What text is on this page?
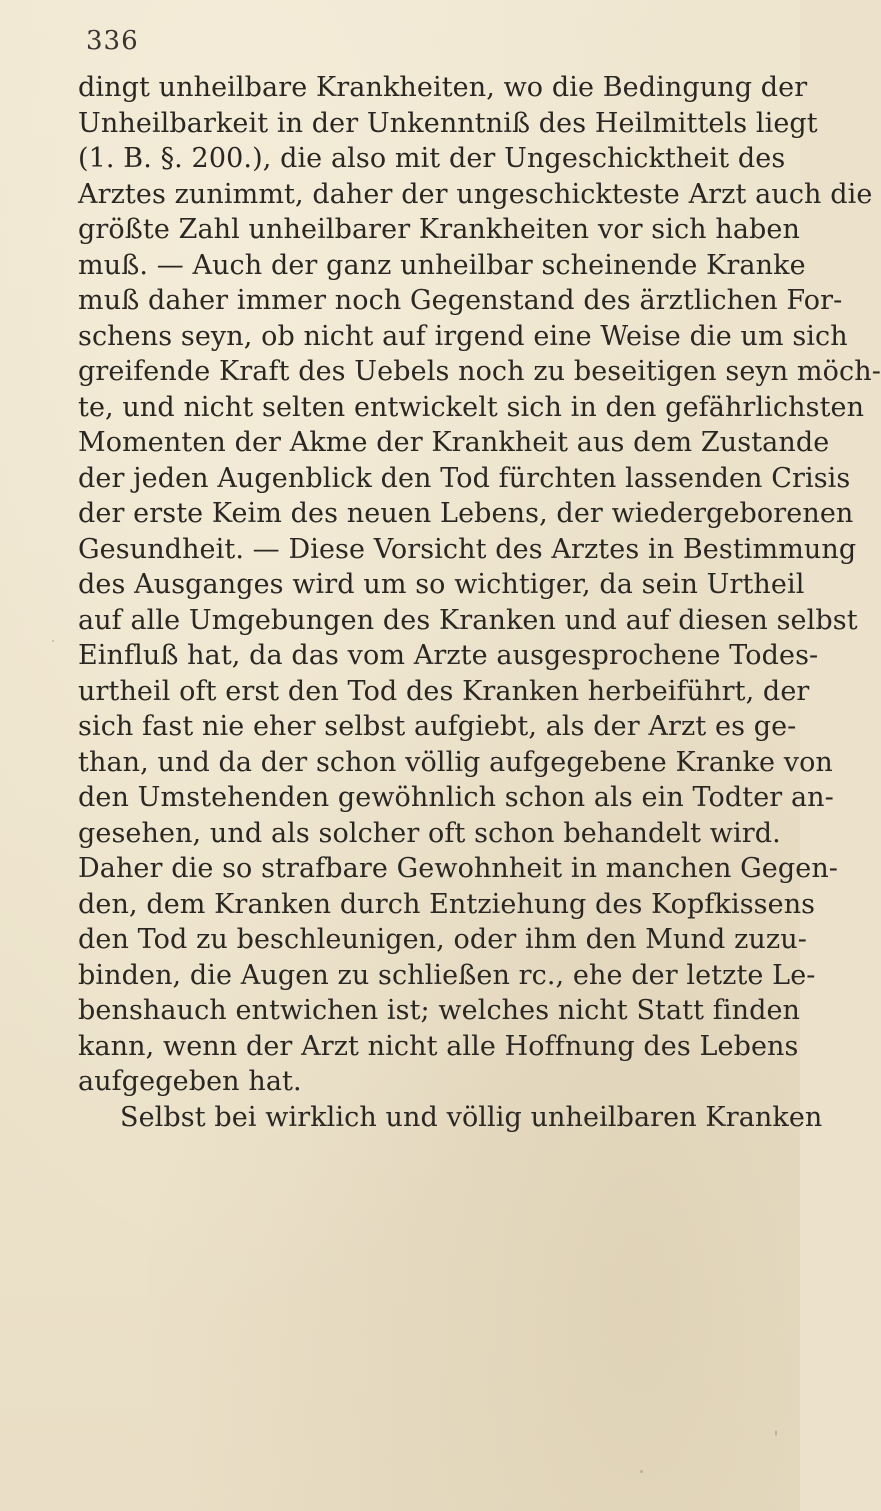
336
dingt unheilbare Krankheiten, wo die Bedingung der
Unheilbarkeit in der Unkenntniß des Heilmittels liegt
(1. B. §. 200.), die also mit der Ungeschicktheit des
Arztes zunimmt, daher der ungeschickteste Arzt auch die
größte Zahl unheilbarer Krankheiten vor sich haben
muß. — Auch der ganz unheilbar scheinende Kranke
muß daher immer noch Gegenstand des ärztlichen For-
schens seyn, ob nicht auf irgend eine Weise die um sich
greifende Kraft des Uebels noch zu beseitigen seyn möch-
te, und nicht selten entwickelt sich in den gefährlichsten
Momenten der Akme der Krankheit aus dem Zustande
der jeden Augenblick den Tod fürchten lassenden Crisis
der erste Keim des neuen Lebens, der wiedergeborenen
Gesundheit. — Diese Vorsicht des Arztes in Bestimmung
des Ausganges wird um so wichtiger, da sein Urtheil
auf alle Umgebungen des Kranken und auf diesen selbst
Einfluß hat, da das vom Arzte ausgesprochene Todes-
urtheil oft erst den Tod des Kranken herbeiführt, der
sich fast nie eher selbst aufgiebt, als der Arzt es ge-
than, und da der schon völlig aufgegebene Kranke von
den Umstehenden gewöhnlich schon als ein Todter an-
gesehen, und als solcher oft schon behandelt wird.
Daher die so strafbare Gewohnheit in manchen Gegen-
den, dem Kranken durch Entziehung des Kopfkissens
den Tod zu beschleunigen, oder ihm den Mund zuzu-
binden, die Augen zu schließen rc., ehe der letzte Le-
benshauch entwichen ist; welches nicht Statt finden
kann, wenn der Arzt nicht alle Hoffnung des Lebens
aufgegeben hat.
Selbst bei wirklich und völlig unheilbaren Kranken
